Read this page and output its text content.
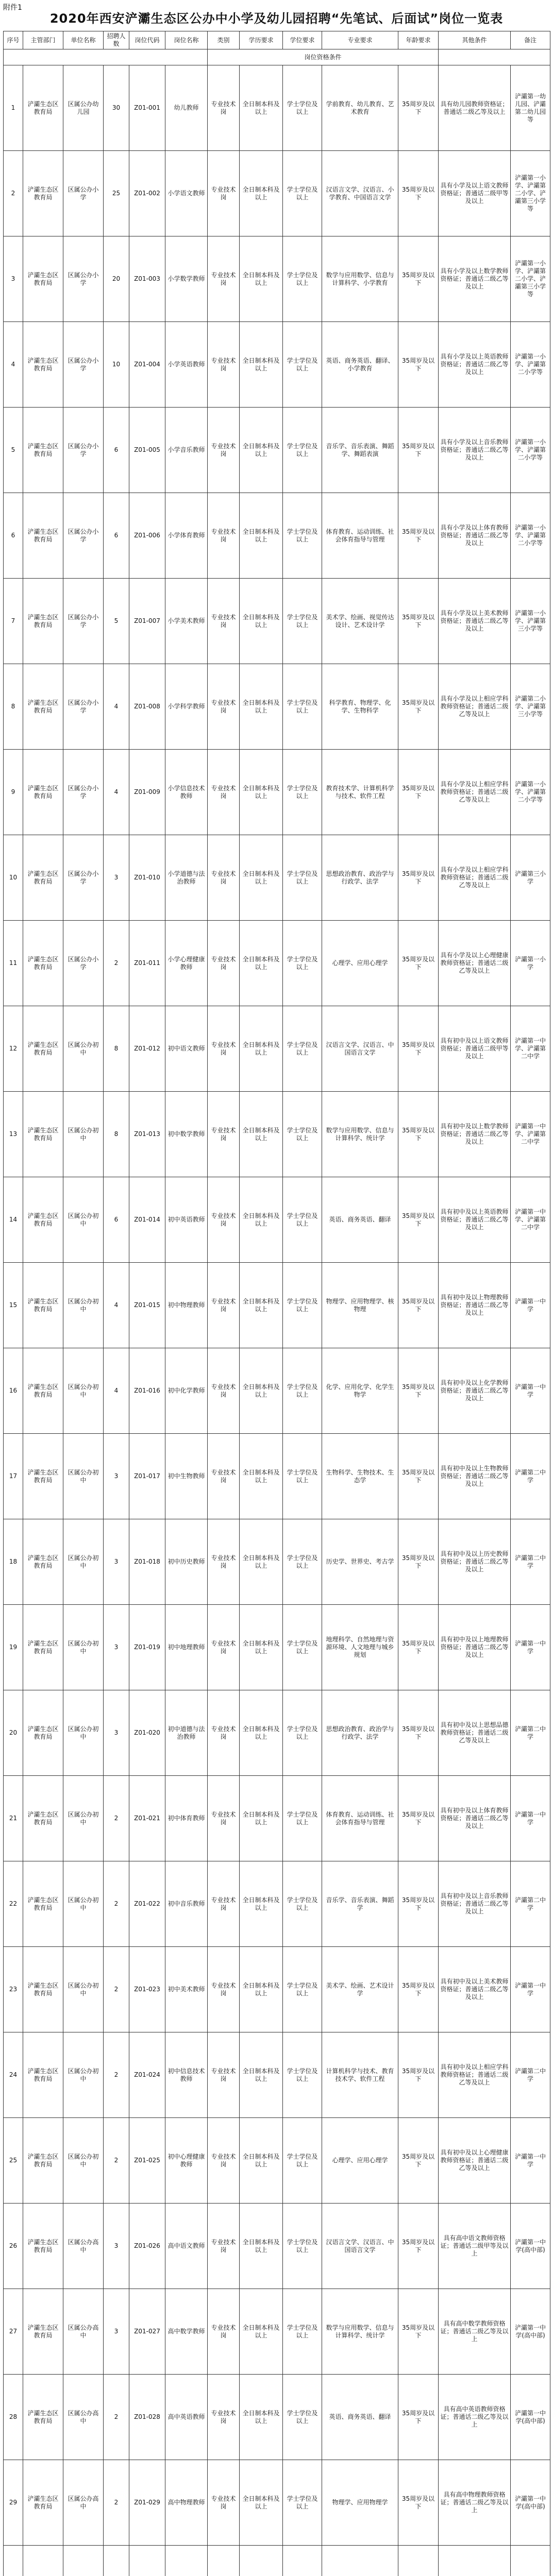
附件1
2020年西安浐灞生态区公办中小学及幼儿园招聘“先笔试、后面试”岗位一览表
序号	主管部门	单位名称	招聘人数	岗位代码	岗位名称	类别	学历要求	学位要求	专业要求	年龄要求	其他条件	备注
						岗位资格条件						
1	浐灞生态区教育局	区属公办幼儿园	30	Z01-001	幼儿教师	专业技术岗	全日制本科及以上	学士学位及以上	学前教育、幼儿教育、艺术教育	35周岁及以下	具有幼儿园教师资格证；普通话二级乙等及以上	浐灞第一幼儿园、浐灞第二幼儿园等
2	浐灞生态区教育局	区属公办小学	25	Z01-002	小学语文教师	专业技术岗	全日制本科及以上	学士学位及以上	汉语言文学、汉语言、小学教育、中国语言文学	35周岁及以下	具有小学及以上语文教师资格证；普通话二级甲等及以上	浐灞第一小学、浐灞第二小学、浐灞第三小学等
3	浐灞生态区教育局	区属公办小学	20	Z01-003	小学数学教师	专业技术岗	全日制本科及以上	学士学位及以上	数学与应用数学、信息与计算科学、小学教育	35周岁及以下	具有小学及以上数学教师资格证；普通话二级乙等及以上	浐灞第一小学、浐灞第二小学、浐灞第三小学等
4	浐灞生态区教育局	区属公办小学	10	Z01-004	小学英语教师	专业技术岗	全日制本科及以上	学士学位及以上	英语、商务英语、翻译、小学教育	35周岁及以下	具有小学及以上英语教师资格证；普通话二级乙等及以上	浐灞第一小学、浐灞第二小学等
5	浐灞生态区教育局	区属公办小学	6	Z01-005	小学音乐教师	专业技术岗	全日制本科及以上	学士学位及以上	音乐学、音乐表演、舞蹈学、舞蹈表演	35周岁及以下	具有小学及以上音乐教师资格证；普通话二级乙等及以上	浐灞第一小学、浐灞第二小学等
6	浐灞生态区教育局	区属公办小学	6	Z01-006	小学体育教师	专业技术岗	全日制本科及以上	学士学位及以上	体育教育、运动训练、社会体育指导与管理	35周岁及以下	具有小学及以上体育教师资格证；普通话二级乙等及以上	浐灞第一小学、浐灞第二小学等
7	浐灞生态区教育局	区属公办小学	5	Z01-007	小学美术教师	专业技术岗	全日制本科及以上	学士学位及以上	美术学、绘画、视觉传达设计、艺术设计学	35周岁及以下	具有小学及以上美术教师资格证；普通话二级乙等及以上	浐灞第一小学、浐灞第三小学等
8	浐灞生态区教育局	区属公办小学	4	Z01-008	小学科学教师	专业技术岗	全日制本科及以上	学士学位及以上	科学教育、物理学、化学、生物科学	35周岁及以下	具有小学及以上相应学科教师资格证；普通话二级乙等及以上	浐灞第二小学、浐灞第三小学等
9	浐灞生态区教育局	区属公办小学	4	Z01-009	小学信息技术教师	专业技术岗	全日制本科及以上	学士学位及以上	教育技术学、计算机科学与技术、软件工程	35周岁及以下	具有小学及以上相应学科教师资格证；普通话二级乙等及以上	浐灞第一小学、浐灞第二小学等
10	浐灞生态区教育局	区属公办小学	3	Z01-010	小学道德与法治教师	专业技术岗	全日制本科及以上	学士学位及以上	思想政治教育、政治学与行政学、法学	35周岁及以下	具有小学及以上相应学科教师资格证；普通话二级乙等及以上	浐灞第三小学
11	浐灞生态区教育局	区属公办小学	2	Z01-011	小学心理健康教师	专业技术岗	全日制本科及以上	学士学位及以上	心理学、应用心理学	35周岁及以下	具有小学及以上心理健康教师资格证；普通话二级乙等及以上	浐灞第一小学
12	浐灞生态区教育局	区属公办初中	8	Z01-012	初中语文教师	专业技术岗	全日制本科及以上	学士学位及以上	汉语言文学、汉语言、中国语言文学	35周岁及以下	具有初中及以上语文教师资格证；普通话二级甲等及以上	浐灞第一中学、浐灞第二中学
13	浐灞生态区教育局	区属公办初中	8	Z01-013	初中数学教师	专业技术岗	全日制本科及以上	学士学位及以上	数学与应用数学、信息与计算科学、统计学	35周岁及以下	具有初中及以上数学教师资格证；普通话二级乙等及以上	浐灞第一中学、浐灞第二中学
14	浐灞生态区教育局	区属公办初中	6	Z01-014	初中英语教师	专业技术岗	全日制本科及以上	学士学位及以上	英语、商务英语、翻译	35周岁及以下	具有初中及以上英语教师资格证；普通话二级乙等及以上	浐灞第一中学、浐灞第二中学
15	浐灞生态区教育局	区属公办初中	4	Z01-015	初中物理教师	专业技术岗	全日制本科及以上	学士学位及以上	物理学、应用物理学、核物理	35周岁及以下	具有初中及以上物理教师资格证；普通话二级乙等及以上	浐灞第一中学
16	浐灞生态区教育局	区属公办初中	4	Z01-016	初中化学教师	专业技术岗	全日制本科及以上	学士学位及以上	化学、应用化学、化学生物学	35周岁及以下	具有初中及以上化学教师资格证；普通话二级乙等及以上	浐灞第一中学
17	浐灞生态区教育局	区属公办初中	3	Z01-017	初中生物教师	专业技术岗	全日制本科及以上	学士学位及以上	生物科学、生物技术、生态学	35周岁及以下	具有初中及以上生物教师资格证；普通话二级乙等及以上	浐灞第二中学
18	浐灞生态区教育局	区属公办初中	3	Z01-018	初中历史教师	专业技术岗	全日制本科及以上	学士学位及以上	历史学、世界史、考古学	35周岁及以下	具有初中及以上历史教师资格证；普通话二级乙等及以上	浐灞第二中学
19	浐灞生态区教育局	区属公办初中	3	Z01-019	初中地理教师	专业技术岗	全日制本科及以上	学士学位及以上	地理科学、自然地理与资源环境、人文地理与城乡规划	35周岁及以下	具有初中及以上地理教师资格证；普通话二级乙等及以上	浐灞第一中学
20	浐灞生态区教育局	区属公办初中	3	Z01-020	初中道德与法治教师	专业技术岗	全日制本科及以上	学士学位及以上	思想政治教育、政治学与行政学、法学	35周岁及以下	具有初中及以上思想品德教师资格证；普通话二级乙等及以上	浐灞第二中学
21	浐灞生态区教育局	区属公办初中	2	Z01-021	初中体育教师	专业技术岗	全日制本科及以上	学士学位及以上	体育教育、运动训练、社会体育指导与管理	35周岁及以下	具有初中及以上体育教师资格证；普通话二级乙等及以上	浐灞第一中学
22	浐灞生态区教育局	区属公办初中	2	Z01-022	初中音乐教师	专业技术岗	全日制本科及以上	学士学位及以上	音乐学、音乐表演、舞蹈学	35周岁及以下	具有初中及以上音乐教师资格证；普通话二级乙等及以上	浐灞第二中学
23	浐灞生态区教育局	区属公办初中	2	Z01-023	初中美术教师	专业技术岗	全日制本科及以上	学士学位及以上	美术学、绘画、艺术设计学	35周岁及以下	具有初中及以上美术教师资格证；普通话二级乙等及以上	浐灞第一中学
24	浐灞生态区教育局	区属公办初中	2	Z01-024	初中信息技术教师	专业技术岗	全日制本科及以上	学士学位及以上	计算机科学与技术、教育技术学、软件工程	35周岁及以下	具有初中及以上相应学科教师资格证；普通话二级乙等及以上	浐灞第二中学
25	浐灞生态区教育局	区属公办初中	2	Z01-025	初中心理健康教师	专业技术岗	全日制本科及以上	学士学位及以上	心理学、应用心理学	35周岁及以下	具有初中及以上心理健康教师资格证；普通话二级乙等及以上	浐灞第一中学
26	浐灞生态区教育局	区属公办高中	3	Z01-026	高中语文教师	专业技术岗	全日制本科及以上	学士学位及以上	汉语言文学、汉语言、中国语言文学	35周岁及以下	具有高中语文教师资格证；普通话二级甲等及以上	浐灞第一中学(高中部)
27	浐灞生态区教育局	区属公办高中	3	Z01-027	高中数学教师	专业技术岗	全日制本科及以上	学士学位及以上	数学与应用数学、信息与计算科学、统计学	35周岁及以下	具有高中数学教师资格证；普通话二级乙等及以上	浐灞第一中学(高中部)
28	浐灞生态区教育局	区属公办高中	2	Z01-028	高中英语教师	专业技术岗	全日制本科及以上	学士学位及以上	英语、商务英语、翻译	35周岁及以下	具有高中英语教师资格证；普通话二级乙等及以上	浐灞第一中学(高中部)
29	浐灞生态区教育局	区属公办高中	2	Z01-029	高中物理教师	专业技术岗	全日制本科及以上	学士学位及以上	物理学、应用物理学	35周岁及以下	具有高中物理教师资格证；普通话二级乙等及以上	浐灞第一中学(高中部)
